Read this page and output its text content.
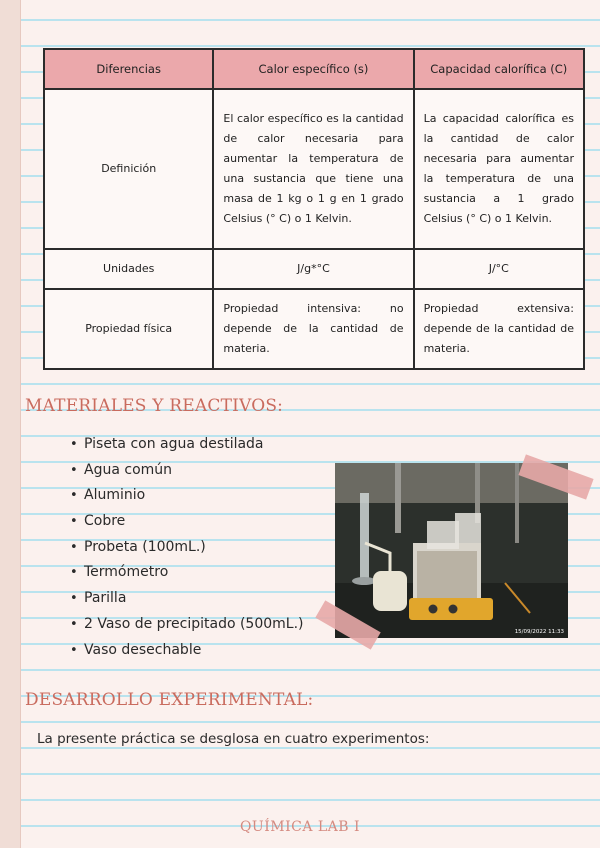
Diferencias	Calor específico (s)	Capacidad calorífica (C)
Definición	El calor específico es la cantidad de calor necesaria para aumentar la temperatura de una sustancia que tiene una masa de 1 kg o 1 g en 1 grado Celsius (° C) o 1 Kelvin.	La capacidad calorífica es la cantidad de calor necesaria para aumentar la temperatura de una sustancia a 1 grado Celsius (° C) o 1 Kelvin.
Unidades	J/g*°C	J/°C
Propiedad física	Propiedad intensiva: no depende de la cantidad de materia.	Propiedad extensiva: depende de la cantidad de materia.
MATERIALES Y REACTIVOS:
• Piseta con agua destilada
• Agua común
• Aluminio
• Cobre
• Probeta (100mL.)
• Termómetro
• Parilla
• 2 Vaso de precipitado (500mL.)
• Vaso desechable
15/09/2022 11:33
DESARROLLO EXPERIMENTAL:
La presente práctica se desglosa en cuatro experimentos:
QUÍMICA LAB I
